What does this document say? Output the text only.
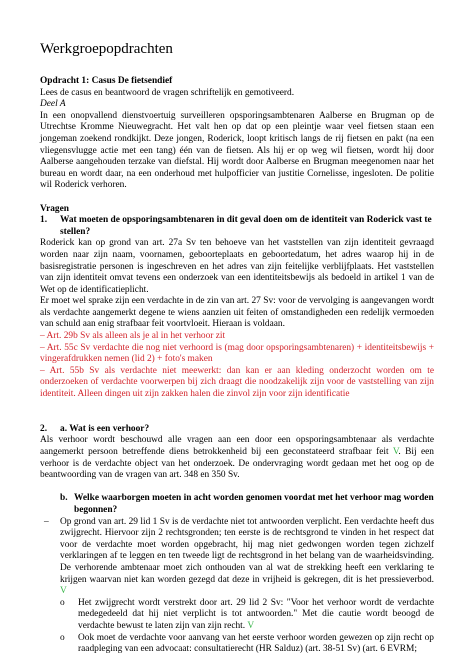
Werkgroepopdrachten

Opdracht 1: Casus De fietsendief

Lees de casus en beantwoord de vragen schriftelijk en gemotiveerd.

Deel A

In een onopvallend dienstvoertuig surveilleren opsporingsambtenaren Aalberse en Brugman op de Utrechtse Kromme Nieuwegracht. Het valt hen op dat op een pleintje waar veel fietsen staan een jongeman zoekend rondkijkt. Deze jongen, Roderick, loopt kritisch langs de rij fietsen en pakt (na een vliegensvlugge actie met een tang) één van de fietsen. Als hij er op weg wil fietsen, wordt hij door Aalberse aangehouden terzake van diefstal. Hij wordt door Aalberse en Brugman meegenomen naar het bureau en wordt daar, na een onderhoud met hulpofficier van justitie Cornelisse, ingesloten. De politie wil Roderick verhoren.

Vragen

1.	Wat moeten de opsporingsambtenaren in dit geval doen om de identiteit van Roderick vast te stellen?

Roderick kan op grond van art. 27a Sv ten behoeve van het vaststellen van zijn identiteit gevraagd worden naar zijn naam, voornamen, geboorteplaats en geboortedatum, het adres waarop hij in de basisregistratie personen is ingeschreven en het adres van zijn feitelijke verblijfplaats. Het vaststellen van zijn identiteit omvat tevens een onderzoek van een identiteitsbewijs als bedoeld in artikel 1 van de Wet op de identificatieplicht.

Er moet wel sprake zijn een verdachte in de zin van art. 27 Sv: voor de vervolging is aangevangen wordt als verdachte aangemerkt degene te wiens aanzien uit feiten of omstandigheden een redelijk vermoeden van schuld aan enig strafbaar feit voortvloeit. Hieraan is voldaan.

– Art. 29b Sv als alleen als je al in het verhoor zit

– Art. 55c Sv verdachte die nog niet verhoord is (mag door opsporingsambtenaren) + identiteitsbewijs + vingerafdrukken nemen (lid 2) + foto's maken

– Art. 55b Sv als verdachte niet meewerkt: dan kan er aan kleding onderzocht worden om te onderzoeken of verdachte voorwerpen bij zich draagt die noodzakelijk zijn voor de vaststelling van zijn identiteit. Alleen dingen uit zijn zakken halen die zinvol zijn voor zijn identificatie

2.	a. Wat is een verhoor?

Als verhoor wordt beschouwd alle vragen aan een door een opsporingsambtenaar als verdachte aangemerkt persoon betreffende diens betrokkenheid bij een geconstateerd strafbaar feit V. Bij een verhoor is de verdachte object van het onderzoek. De ondervraging wordt gedaan met het oog op de beantwoording van de vragen van art. 348 en 350 Sv.

b. Welke waarborgen moeten in acht worden genomen voordat met het verhoor mag worden begonnen?
–	Op grond van art. 29 lid 1 Sv is de verdachte niet tot antwoorden verplicht. Een verdachte heeft dus zwijgrecht. Hiervoor zijn 2 rechtsgronden; ten eerste is de rechtsgrond te vinden in het respect dat voor de verdachte moet worden opgebracht, hij mag niet gedwongen worden tegen zichzelf verklaringen af te leggen en ten tweede ligt de rechtsgrond in het belang van de waarheidsvinding. De verhorende ambtenaar moet zich onthouden van al wat de strekking heeft een verklaring te krijgen waarvan niet kan worden gezegd dat deze in vrijheid is gekregen, dit is het pressieverbod. V
o	Het zwijgrecht wordt verstrekt door art. 29 lid 2 Sv: "Voor het verhoor wordt de verdachte medegedeeld dat hij niet verplicht is tot antwoorden." Met die cautie wordt beoogd de verdachte bewust te laten zijn van zijn recht. V
o	Ook moet de verdachte voor aanvang van het eerste verhoor worden gewezen op zijn recht op raadpleging van een advocaat: consultatierecht (HR Salduz) (art. 38-51 Sv) (art. 6 EVRM;
